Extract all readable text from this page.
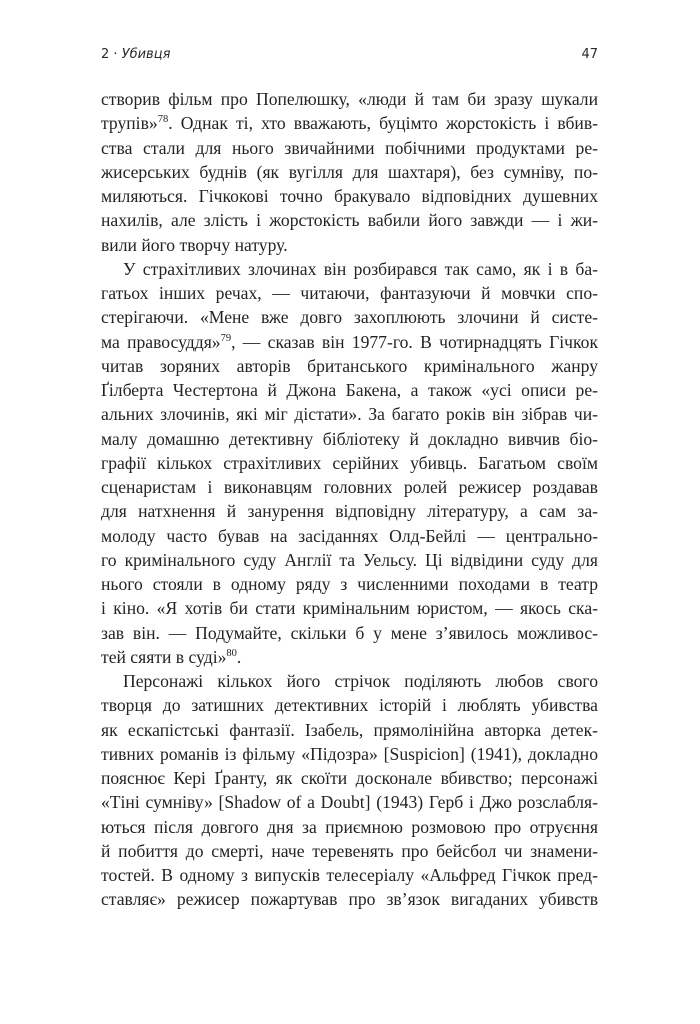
2 · Убивця	47
створив фільм про Попелюшку, «люди й там би зразу шукали
трупів»$^{78}$. Однак ті, хто вважають, буцімто жорстокість і вбив-
ства стали для нього звичайними побічними продуктами ре-
жисерських буднів (як вугілля для шахтаря), без сумніву, по-
миляються. Гічкокові точно бракувало відповідних душевних
нахилів, але злість і жорстокість вабили його завжди — і жи-
вили його творчу натуру.
У страхітливих злочинах він розбирався так само, як і в ба-
гатьох інших речах, — читаючи, фантазуючи й мовчки спо-
стерігаючи. «Мене вже довго захоплюють злочини й систе-
ма правосуддя»$^{79}$, — сказав він 1977-го. В чотирнадцять Гічкок
читав зоряних авторів британського кримінального жанру
Ґілберта Честертона й Джона Бакена, а також «усі описи ре-
альних злочинів, які міг дістати». За багато років він зібрав чи-
малу домашню детективну бібліотеку й докладно вивчив біо-
графії кількох страхітливих серійних убивць. Багатьом своїм
сценаристам і виконавцям головних ролей режисер роздавав
для натхнення й занурення відповідну літературу, а сам за-
молоду часто бував на засіданнях Олд-Бейлі — центрально-
го кримінального суду Англії та Уельсу. Ці відвідини суду для
нього стояли в одному ряду з численними походами в театр
і кіно. «Я хотів би стати кримінальним юристом, — якось ска-
зав він. — Подумайте, скільки б у мене з’явилось можливос-
тей сяяти в суді»$^{80}$.
Персонажі кількох його стрічок поділяють любов свого
творця до затишних детективних історій і люблять убивства
як ескапістські фантазії. Ізабель, прямолінійна авторка детек-
тивних романів із фільму «Підозра» [Suspicion] (1941), докладно
пояснює Кері Ґранту, як скоїти досконале вбивство; персонажі
«Тіні сумніву» [Shadow of a Doubt] (1943) Герб і Джо розслабля-
ються після довгого дня за приємною розмовою про отруєння
й побиття до смерті, наче теревенять про бейсбол чи знамени-
тостей. В одному з випусків телесеріалу «Альфред Гічкок пред-
ставляє» режисер пожартував про зв’язок вигаданих убивств
